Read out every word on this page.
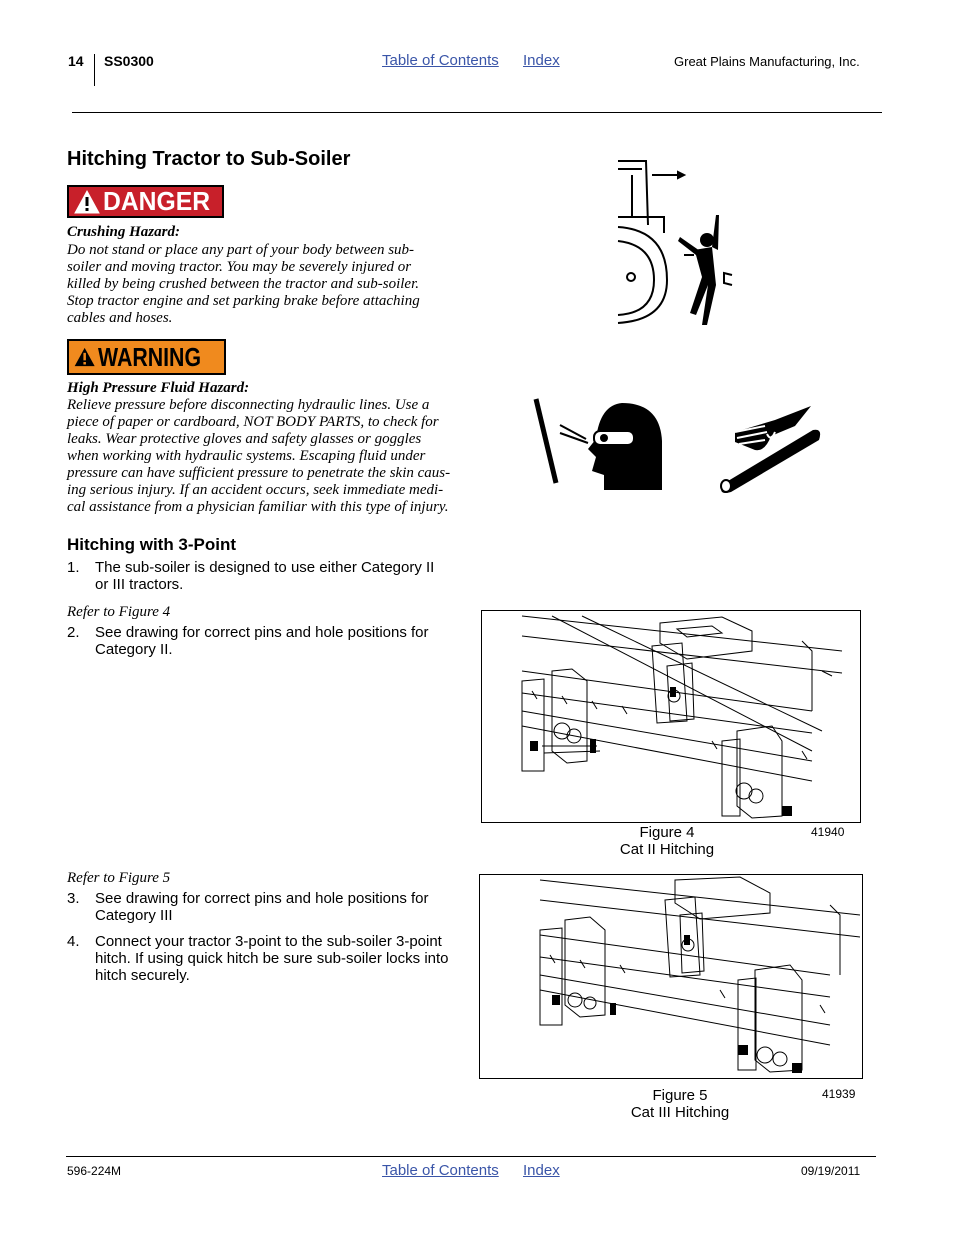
14 SS0300	Table of Contents Index	Great Plains Manufacturing, Inc.
Hitching Tractor to Sub-Soiler
DANGER
Crushing Hazard:
Do not stand or place any part of your body between sub-
soiler and moving tractor. You may be severely injured or
killed by being crushed between the tractor and sub-soiler.
Stop tractor engine and set parking brake before attaching
cables and hoses.
WARNING
High Pressure Fluid Hazard:
Relieve pressure before disconnecting hydraulic lines. Use a
piece of paper or cardboard, NOT BODY PARTS, to check for
leaks. Wear protective gloves and safety glasses or goggles
when working with hydraulic systems. Escaping fluid under
pressure can have sufficient pressure to penetrate the skin caus-
ing serious injury. If an accident occurs, seek immediate medi-
cal assistance from a physician familiar with this type of injury.
Hitching with 3-Point
1. The sub-soiler is designed to use either Category II
or III tractors.
Refer to Figure 4
2. See drawing for correct pins and hole positions for
Category II.
Refer to Figure 5
3. See drawing for correct pins and hole positions for
Category III
4. Connect your tractor 3-point to the sub-soiler 3-point
hitch. If using quick hitch be sure sub-soiler locks into
hitch securely.
Figure 4
Cat II Hitching
41940
Figure 5
Cat III Hitching
41939
596-224M	Table of Contents Index	09/19/2011
